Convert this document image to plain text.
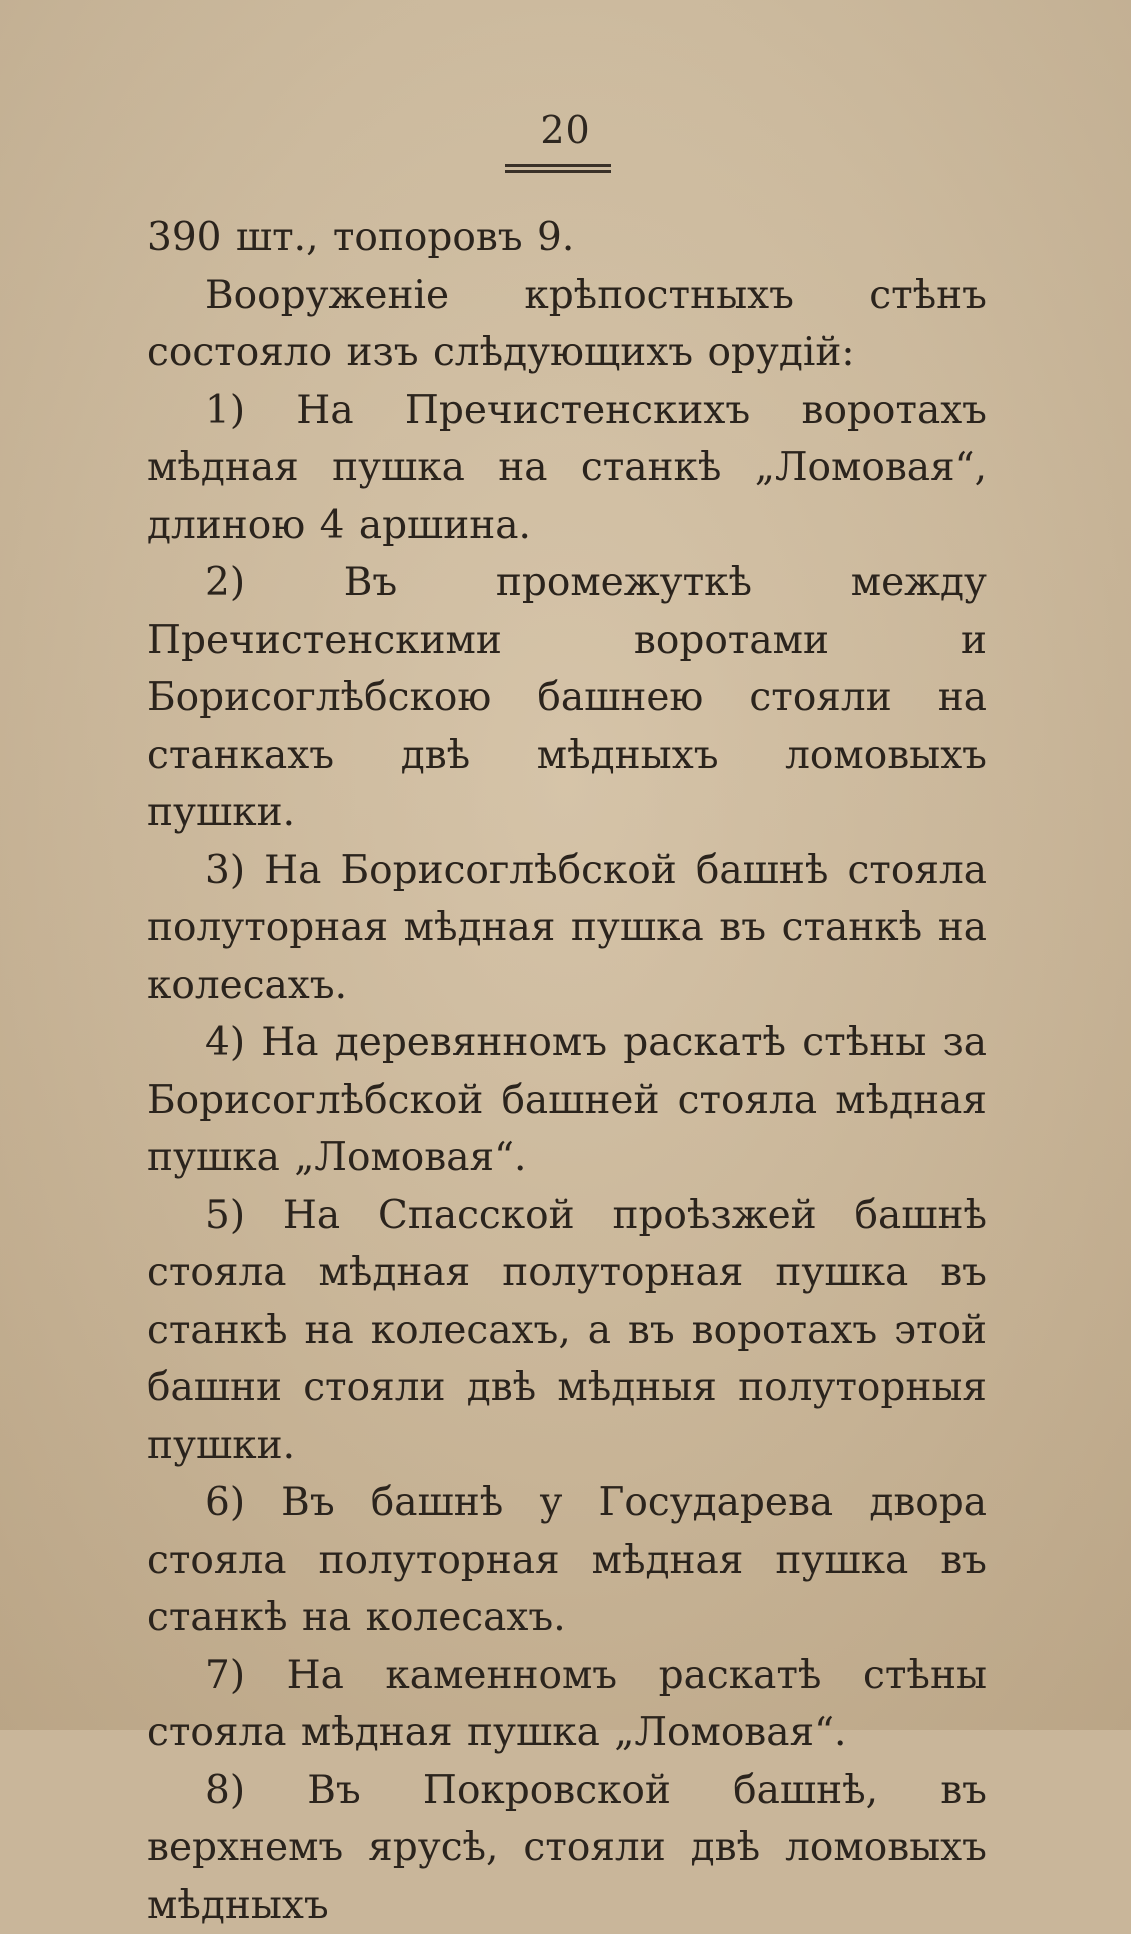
20

390 шт., топоровъ 9.

Вооруженіе крѣпостныхъ стѣнъ состояло изъ слѣдующихъ орудій:

1) На Пречистенскихъ воротахъ мѣдная пушка на станкѣ „Ломовая“, длиною 4 аршина.

2) Въ промежуткѣ между Пречистенскими воротами и Борисоглѣбскою башнею стояли на станкахъ двѣ мѣдныхъ ломовыхъ пушки.

3) На Борисоглѣбской башнѣ стояла полуторная мѣдная пушка въ станкѣ на колесахъ.

4) На деревянномъ раскатѣ стѣны за Борисоглѣбской башней стояла мѣдная пушка „Ломовая“.

5) На Спасской проѣзжей башнѣ стояла мѣдная полуторная пушка въ станкѣ на колесахъ, а въ воротахъ этой башни стояли двѣ мѣдныя полуторныя пушки.

6) Въ башнѣ у Государева двора стояла полуторная мѣдная пушка въ станкѣ на колесахъ.

7) На каменномъ раскатѣ стѣны стояла мѣдная пушка „Ломовая“.

8) Въ Покровской башнѣ, въ верхнемъ ярусѣ, стояли двѣ ломовыхъ мѣдныхъ
